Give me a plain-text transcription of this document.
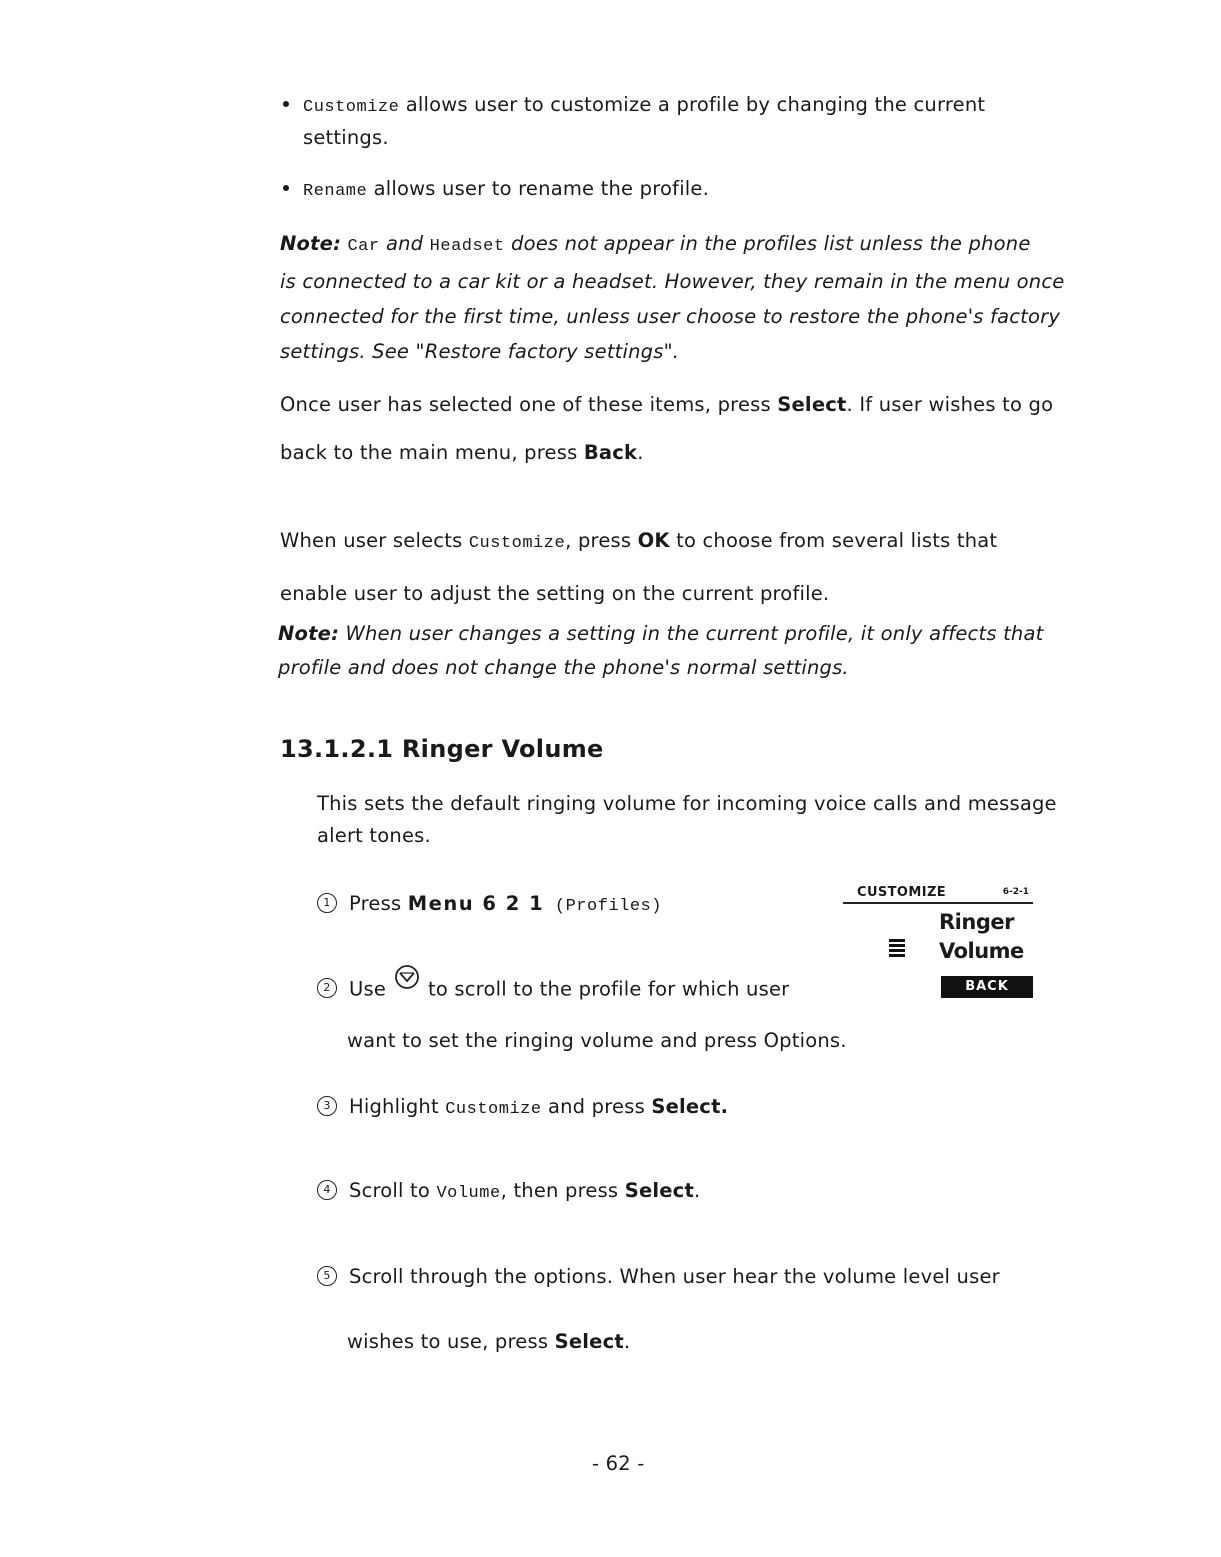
Customize allows user to customize a profile by changing the current
settings.
Rename allows user to rename the profile.
Note: Car and Headset does not appear in the profiles list unless the phone
is connected to a car kit or a headset. However, they remain in the menu once
connected for the first time, unless user choose to restore the phone's factory
settings. See "Restore factory settings".
Once user has selected one of these items, press Select. If user wishes to go
back to the main menu, press Back.
When user selects Customize, press OK to choose from several lists that
enable user to adjust the setting on the current profile.
Note: When user changes a setting in the current profile, it only affects that
profile and does not change the phone's normal settings.
13.1.2.1 Ringer Volume
This sets the default ringing volume for incoming voice calls and message
alert tones.
1 Press Menu 6 2 1 (Profiles)
2 Use to scroll to the profile for which user
want to set the ringing volume and press Options.
CUSTOMIZE	6-2-1
Ringer
Volume
BACK
3 Highlight Customize and press Select.
4 Scroll to Volume, then press Select.
5 Scroll through the options. When user hear the volume level user
wishes to use, press Select.
- 62 -
